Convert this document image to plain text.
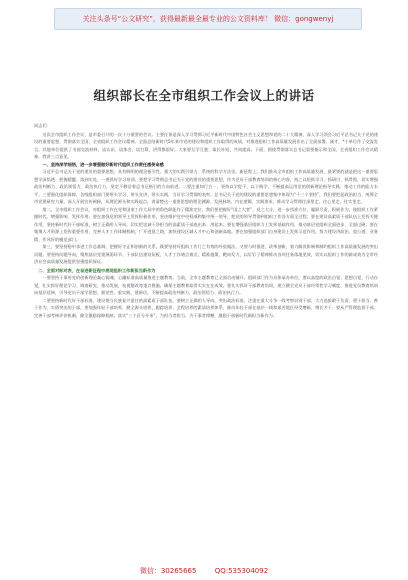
关注头条号“公文研究”，获得最新最全最专业的公文资料库！ 微信：gongwenyj
组织部长在全市组织工作会议上的讲话

同志们：

这次全市组织工作会议，是市委召开的一次十分重要的会议。主要任务是深入学习贯彻习近平新时代中国特色社会主义思想和党的二十大精神，深入学习领会习近平总书记关于党的建设的重要思想、贯彻落实全国、全省组织工作会议精神，全面总结新时代5年来市党的建设和组织工作取得的成绩，对推进组织工作高质量发展作出了全面部署。刚才，*个单位作了交流发言，其他单位提供了书面交流材料，谈认识、谈体会、谈打算，讲得都很好。大家要互学互鉴、取长补短、共同提高。下面，围绕贯彻落实总书记重要指示和全国、全省组织工作会议精神，我讲三点意见。

一、坚持深学细悟，进一步增强做好新时代组织工作责任感使命感

习近平总书记关于党的建设的重要思想，具有鲜明的理论指引性、强大的实践引领力、系统的科学方法论。新征程上，我们推动全市组织工作高质量发展，最紧要的就是把这一重要思想学深悟透、把握精髓、落到实处，一要抓好学习培训。要把学习贯彻总书记关于党的建设的重要思想，作为党员干部教育培训的核心内容，持之以恒抓学习、抓研讨、抓贯彻，切实增强政治判断力、政治领悟力、政治执行力，坚定不移沿着总书记指引的方向前进。二要注重知行合一，坚持以学促干、以干践学，不断提高运用党的创新理论指导实践、推动工作的能力水平。三要强化组织保障。各级组织部门要带头学习、带头宣讲、带头实践，当好学习贯彻的表率。总书记关于党的建设的重要思想集中体现为“十三个坚持”，我们要把起政治担当，统筹全市党建研究力量，深入开展宣传阐释，从理论源头和实践起点，讲清楚这一重要思想的理论渊源、发展脉络、内在逻辑、实践要求，推动学习贯彻往深里走、往心里走、往实里走。

第二，全市组织工作会议，对组织工作在党和国家工作大局中的角色职能作了精准定位，我们要把握好“国之大者”、党之大计，进一步找准方位、履职尽责，积极作为，使组织工作紧跟时代、增强影响、发挥作用。要在加强党的领导上发挥积极作用，坚决维护党中央权威和集中统一领导，把党的领导贯彻到组织工作各方面全过程；要在建设高素质干部队伍上发挥关键作用，坚持新时代好干部标准，树立正确用人导向，切实把忠诚干净担当的高素质干部选出来、用起来；要在增强基层组织力上发挥基础作用，推动基层党组织全面进步、全面过硬；要在集聚人才资源上发挥重要作用，完善人才工作体制机制，广开进贤之路，加快建设区域人才中心和创新高地。要在加强组织部门自身建设上发挥示范作用，努力建设讲政治、重公道、业务精、作风好的模范部门。

第三，要坚持稳中求进工作总基调，把握好守正和创新的关系，既要坚持好组织工作行之有效的经验做法，又要与时俱进、改革创新，着力解决影响和制约组织工作高质量发展的突出问题。要坚持问题导向，聚焦基层党建薄弱环节、干部队伍建设短板、人才工作堵点难点，精准施策、靶向发力，以钉钉子精神推动各项任务落地见效，切实以组织工作的新成效为全市经济社会高质量发展提供坚强组织保证。

二、全面对标对表，在奋进新征程中展现组织工作新担当新作为

一要坚持干事用党的创新理论凝心铸魂，心幽标准高质量推进主题教育。当前，全市主题教育已全面启动铺开。组织部门作为具体承办单位，要以高度的政治自觉、思想自觉、行动自觉，扎实抓好理论学习、调查研究、推动发展、检视整改等重点措施，确保主题教育取得实实在在成效。要扎实抓好干部教育培训，建立健全党员干部经常性学习制度，推进党员教育培训向基层延伸，引导党员干部学思想、强党性、重实践、建新功，不断提高政治判断力、政治领悟力、政治执行力。

二要坚持新时代好干部标准，建设堪当民族复兴重任的高素质干部队伍。要树立正确用人导向，突出政治标准，注重在重大斗争一线考察识别干部，大力选拔敢于负责、勇于担当、善于作为、实绩突出的干部。要加强年轻干部培养，健全源头培养、跟踪培养、全程培养的素质培养体系，推动年轻干部在基层一线和艰苦地区经受磨砺、增长才干。要从严管理监督干部，完善干部考核评价机制，健全激励保障机制，落实“三个区分开来”，为担当者担当、为干事者撑腰，激励干部新时代新担当新作为。

微信：30265665	QQ:535304092
